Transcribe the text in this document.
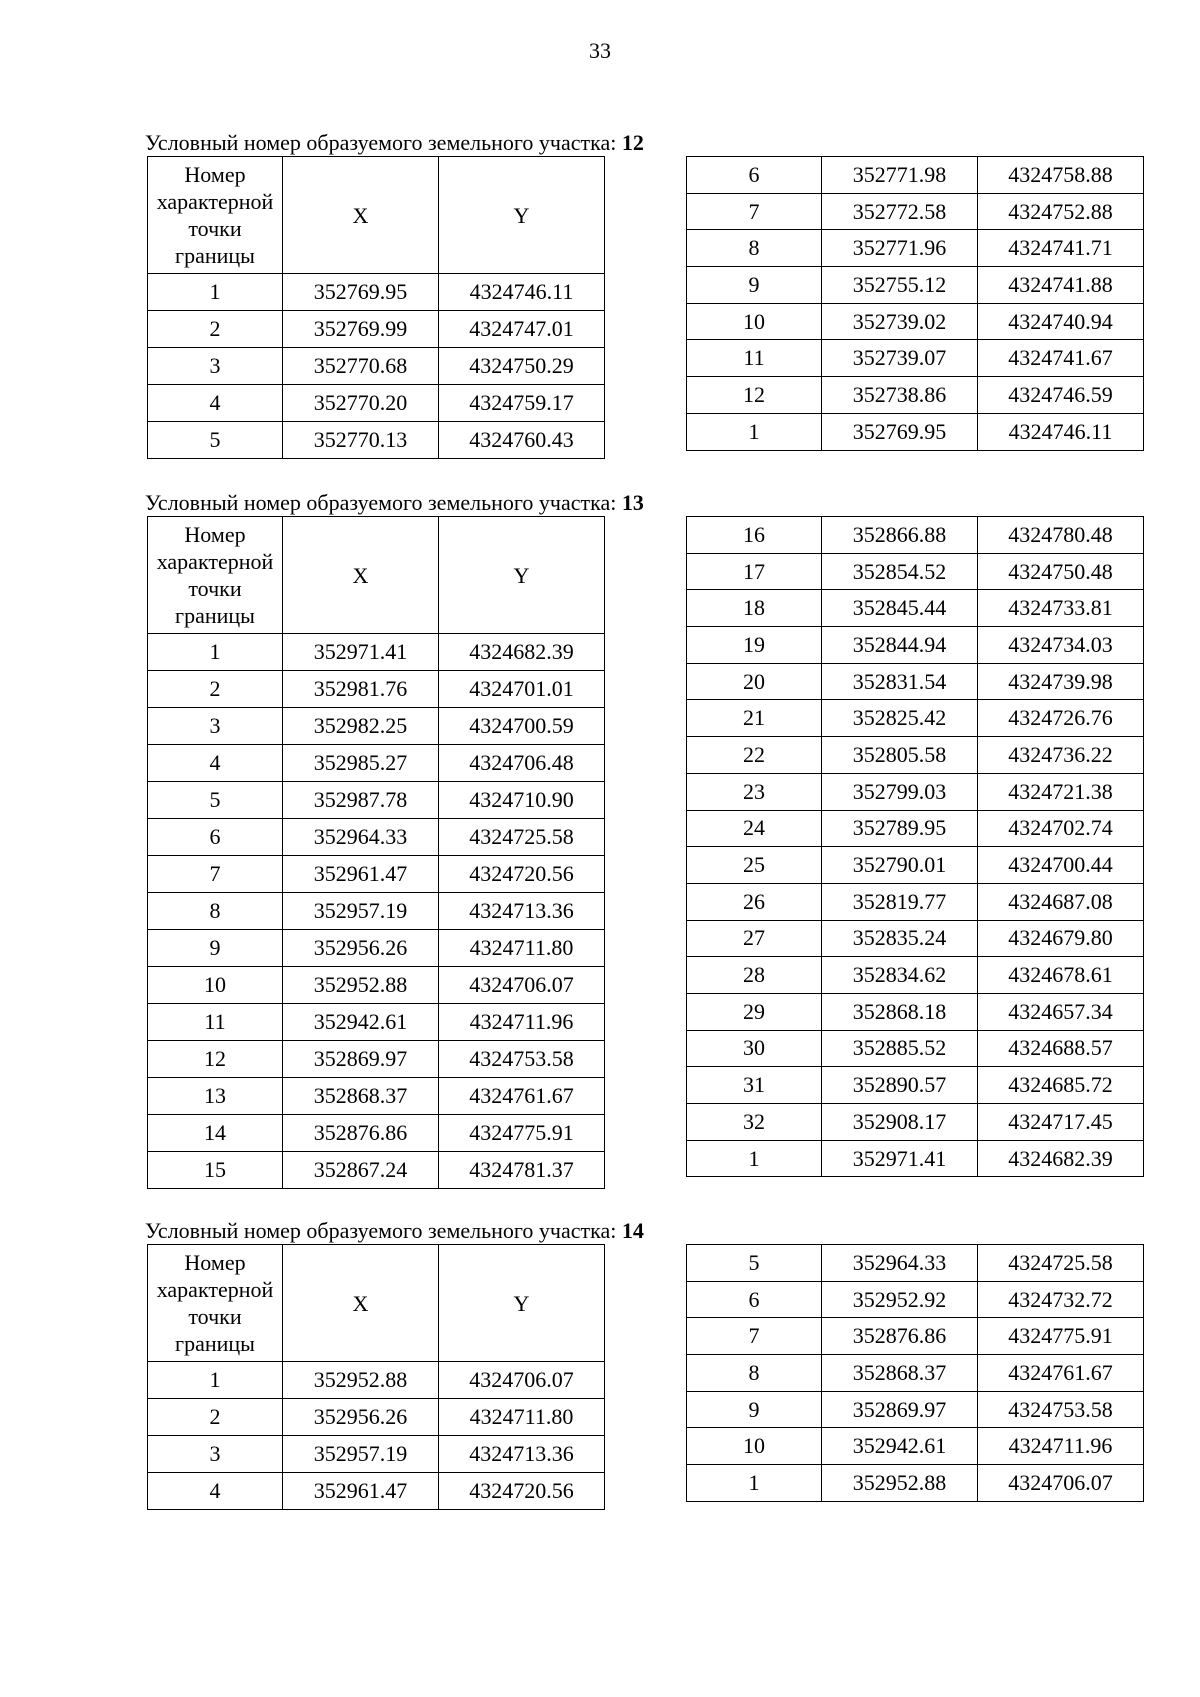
33
Условный номер образуемого земельного участка: 12
Номер характерной точки границы	X	Y
1	352769.95	4324746.11
2	352769.99	4324747.01
3	352770.68	4324750.29
4	352770.20	4324759.17
5	352770.13	4324760.43
6	352771.98	4324758.88
7	352772.58	4324752.88
8	352771.96	4324741.71
9	352755.12	4324741.88
10	352739.02	4324740.94
11	352739.07	4324741.67
12	352738.86	4324746.59
1	352769.95	4324746.11
Условный номер образуемого земельного участка: 13
Номер характерной точки границы	X	Y
1	352971.41	4324682.39
2	352981.76	4324701.01
3	352982.25	4324700.59
4	352985.27	4324706.48
5	352987.78	4324710.90
6	352964.33	4324725.58
7	352961.47	4324720.56
8	352957.19	4324713.36
9	352956.26	4324711.80
10	352952.88	4324706.07
11	352942.61	4324711.96
12	352869.97	4324753.58
13	352868.37	4324761.67
14	352876.86	4324775.91
15	352867.24	4324781.37
16	352866.88	4324780.48
17	352854.52	4324750.48
18	352845.44	4324733.81
19	352844.94	4324734.03
20	352831.54	4324739.98
21	352825.42	4324726.76
22	352805.58	4324736.22
23	352799.03	4324721.38
24	352789.95	4324702.74
25	352790.01	4324700.44
26	352819.77	4324687.08
27	352835.24	4324679.80
28	352834.62	4324678.61
29	352868.18	4324657.34
30	352885.52	4324688.57
31	352890.57	4324685.72
32	352908.17	4324717.45
1	352971.41	4324682.39
Условный номер образуемого земельного участка: 14
Номер характерной точки границы	X	Y
1	352952.88	4324706.07
2	352956.26	4324711.80
3	352957.19	4324713.36
4	352961.47	4324720.56
5	352964.33	4324725.58
6	352952.92	4324732.72
7	352876.86	4324775.91
8	352868.37	4324761.67
9	352869.97	4324753.58
10	352942.61	4324711.96
1	352952.88	4324706.07
